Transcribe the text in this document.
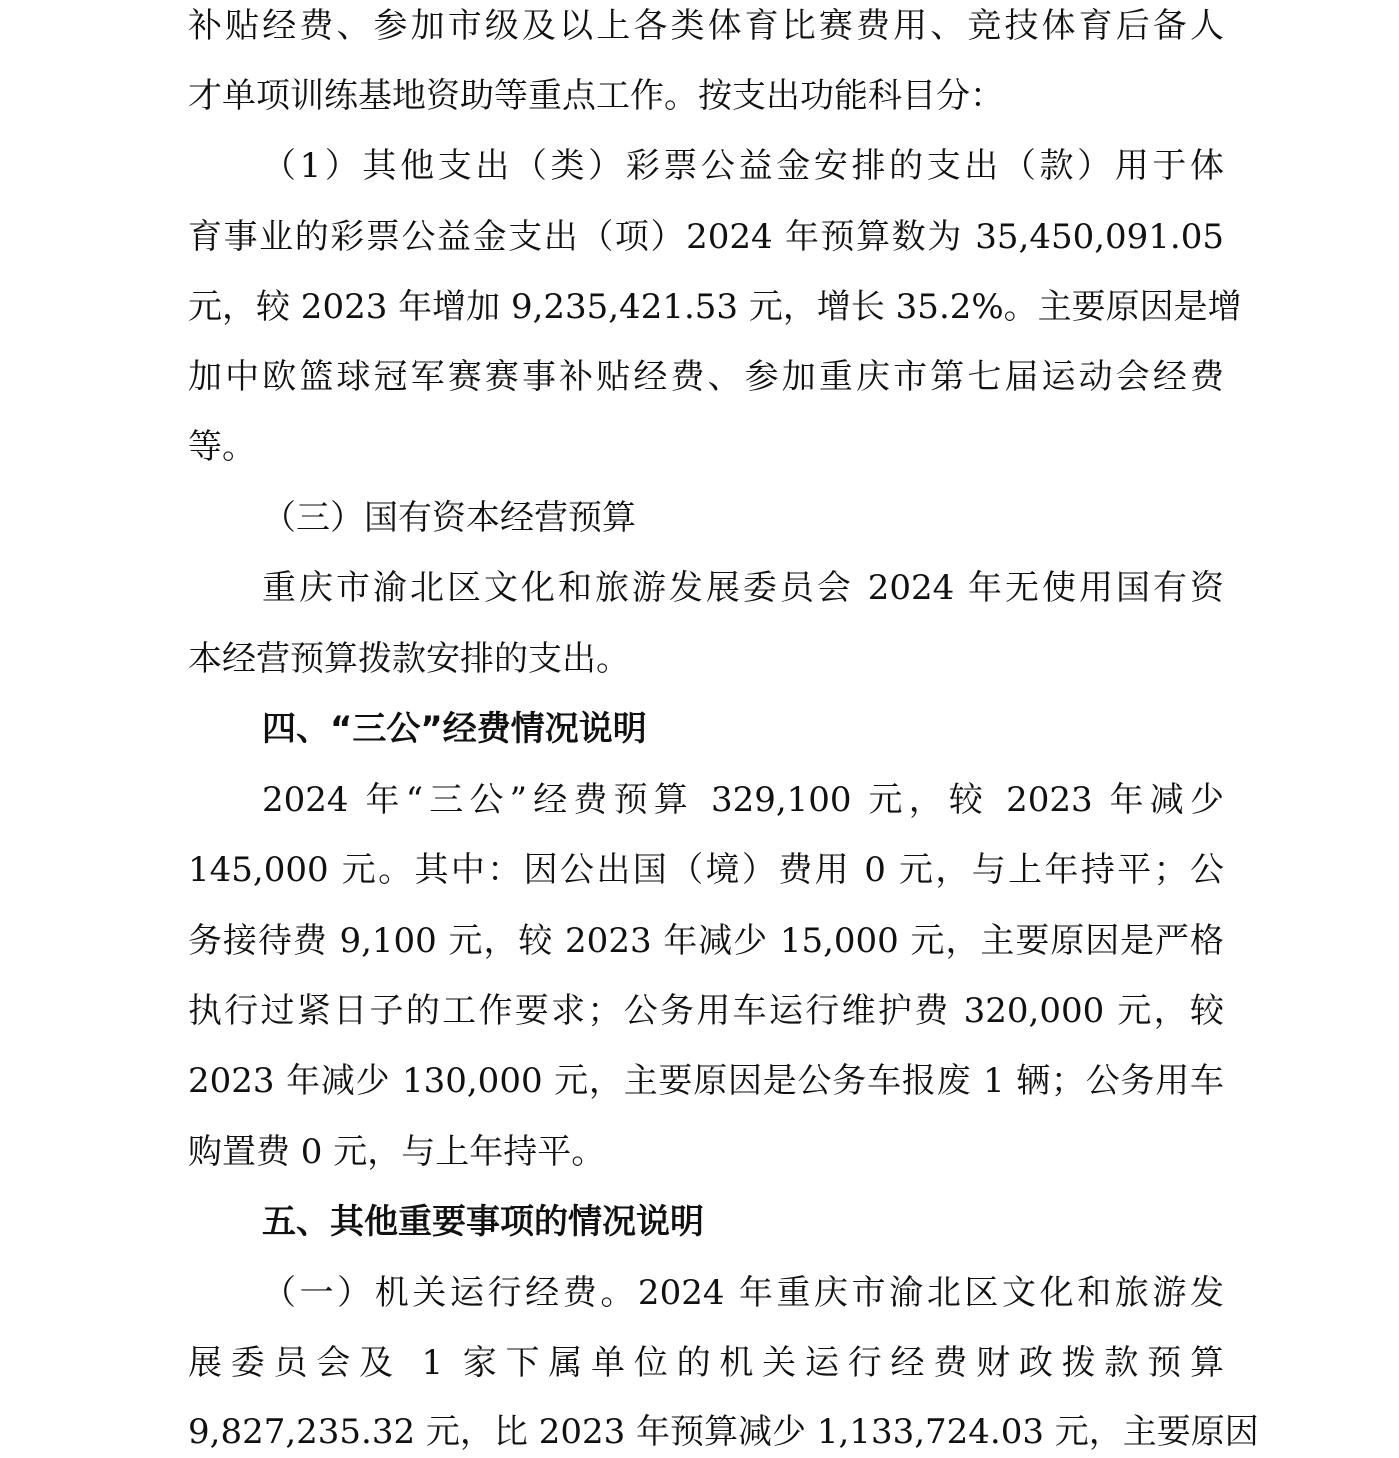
补贴经费、参加市级及以上各类体育比赛费用、竞技体育后备人
才单项训练基地资助等重点工作。按支出功能科目分：
（1）其他支出（类）彩票公益金安排的支出（款）用于体
育事业的彩票公益金支出（项）2024 年预算数为 35,450,091.05
元，较 2023 年增加 9,235,421.53 元，增长 35.2%。主要原因是增
加中欧篮球冠军赛赛事补贴经费、参加重庆市第七届运动会经费
等。
（三）国有资本经营预算
重庆市渝北区文化和旅游发展委员会 2024 年无使用国有资
本经营预算拨款安排的支出。
四、“三公”经费情况说明
2024 年“三公”经费预算 329,100 元，较 2023 年减少
145,000 元。其中：因公出国（境）费用 0 元，与上年持平；公
务接待费 9,100 元，较 2023 年减少 15,000 元，主要原因是严格
执行过紧日子的工作要求；公务用车运行维护费 320,000 元，较
2023 年减少 130,000 元，主要原因是公务车报废 1 辆；公务用车
购置费 0 元，与上年持平。
五、其他重要事项的情况说明
（一）机关运行经费。2024 年重庆市渝北区文化和旅游发
展委员会及 1 家下属单位的机关运行经费财政拨款预算
9,827,235.32 元，比 2023 年预算减少 1,133,724.03 元，主要原因
